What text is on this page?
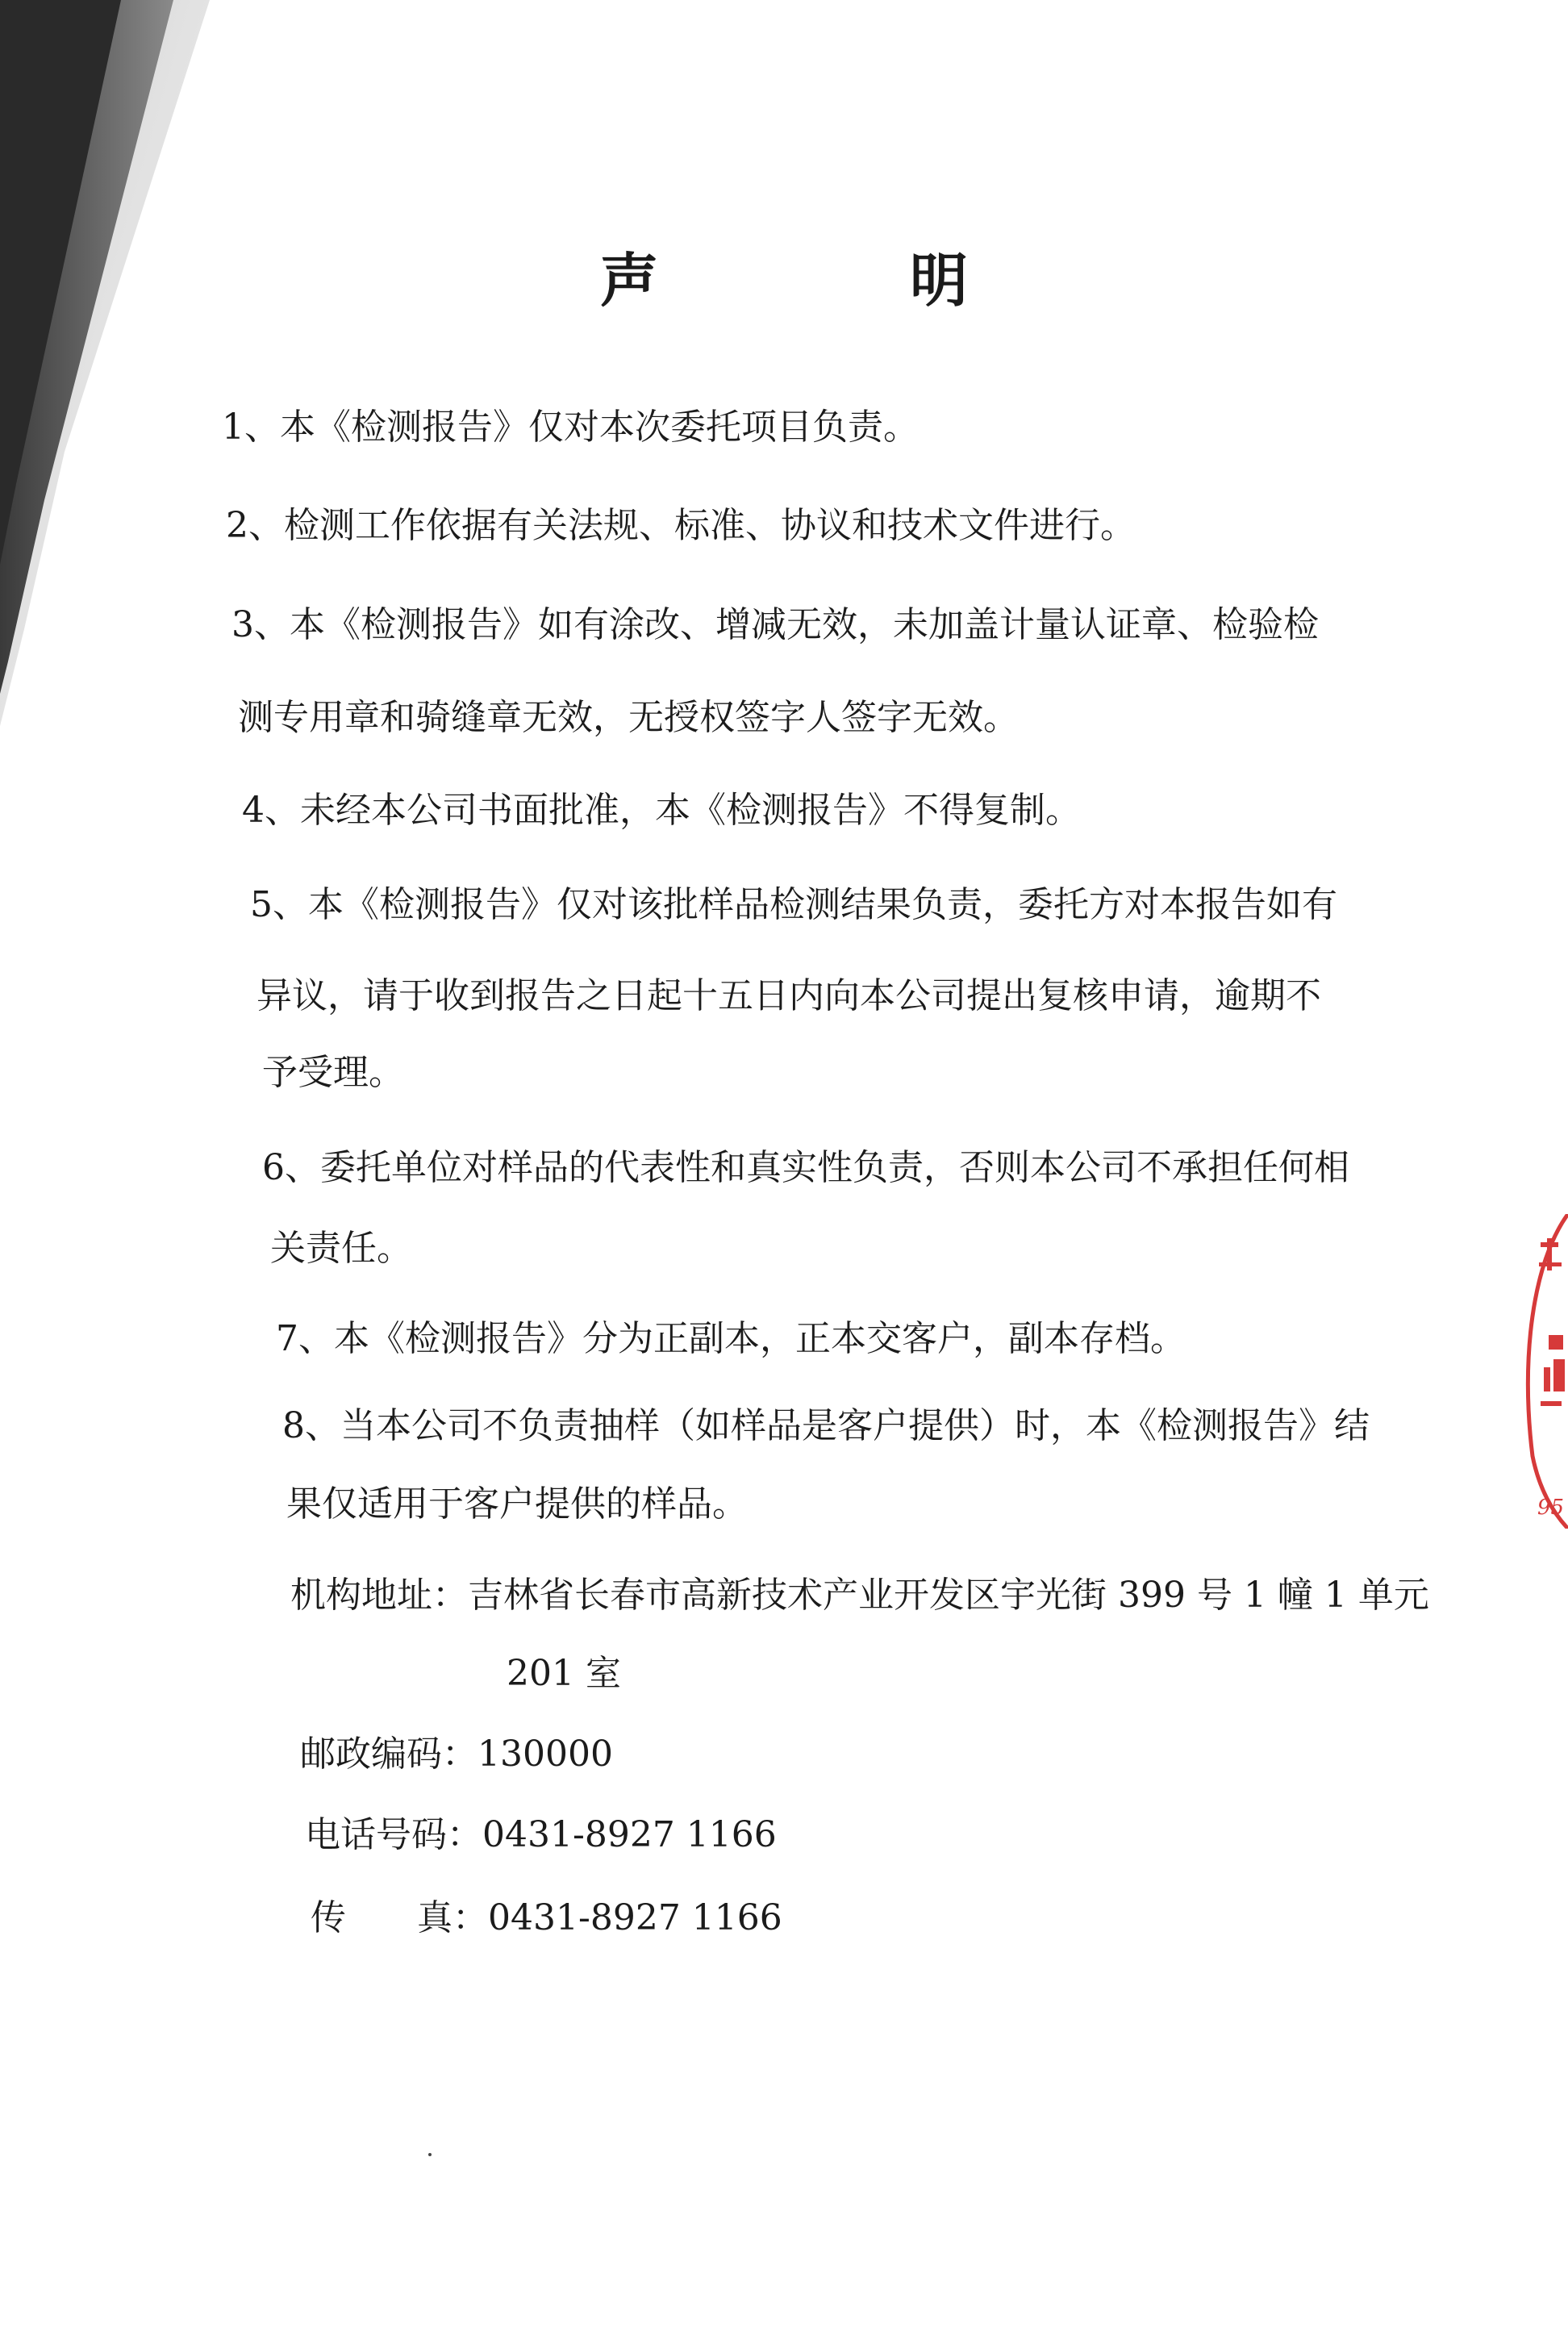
声　明
1、本《检测报告》仅对本次委托项目负责。
2、检测工作依据有关法规、标准、协议和技术文件进行。
3、本《检测报告》如有涂改、增减无效，未加盖计量认证章、检验检
测专用章和骑缝章无效，无授权签字人签字无效。
4、未经本公司书面批准，本《检测报告》不得复制。
5、本《检测报告》仅对该批样品检测结果负责，委托方对本报告如有
异议，请于收到报告之日起十五日内向本公司提出复核申请，逾期不
予受理。
6、委托单位对样品的代表性和真实性负责，否则本公司不承担任何相
关责任。
7、本《检测报告》分为正副本，正本交客户，副本存档。
8、当本公司不负责抽样（如样品是客户提供）时，本《检测报告》结
果仅适用于客户提供的样品。
机构地址：吉林省长春市高新技术产业开发区宇光街 399 号 1 幢 1 单元
201 室
邮政编码：130000
电话号码：0431-8927 1166
传　　真：0431-8927 1166
95
